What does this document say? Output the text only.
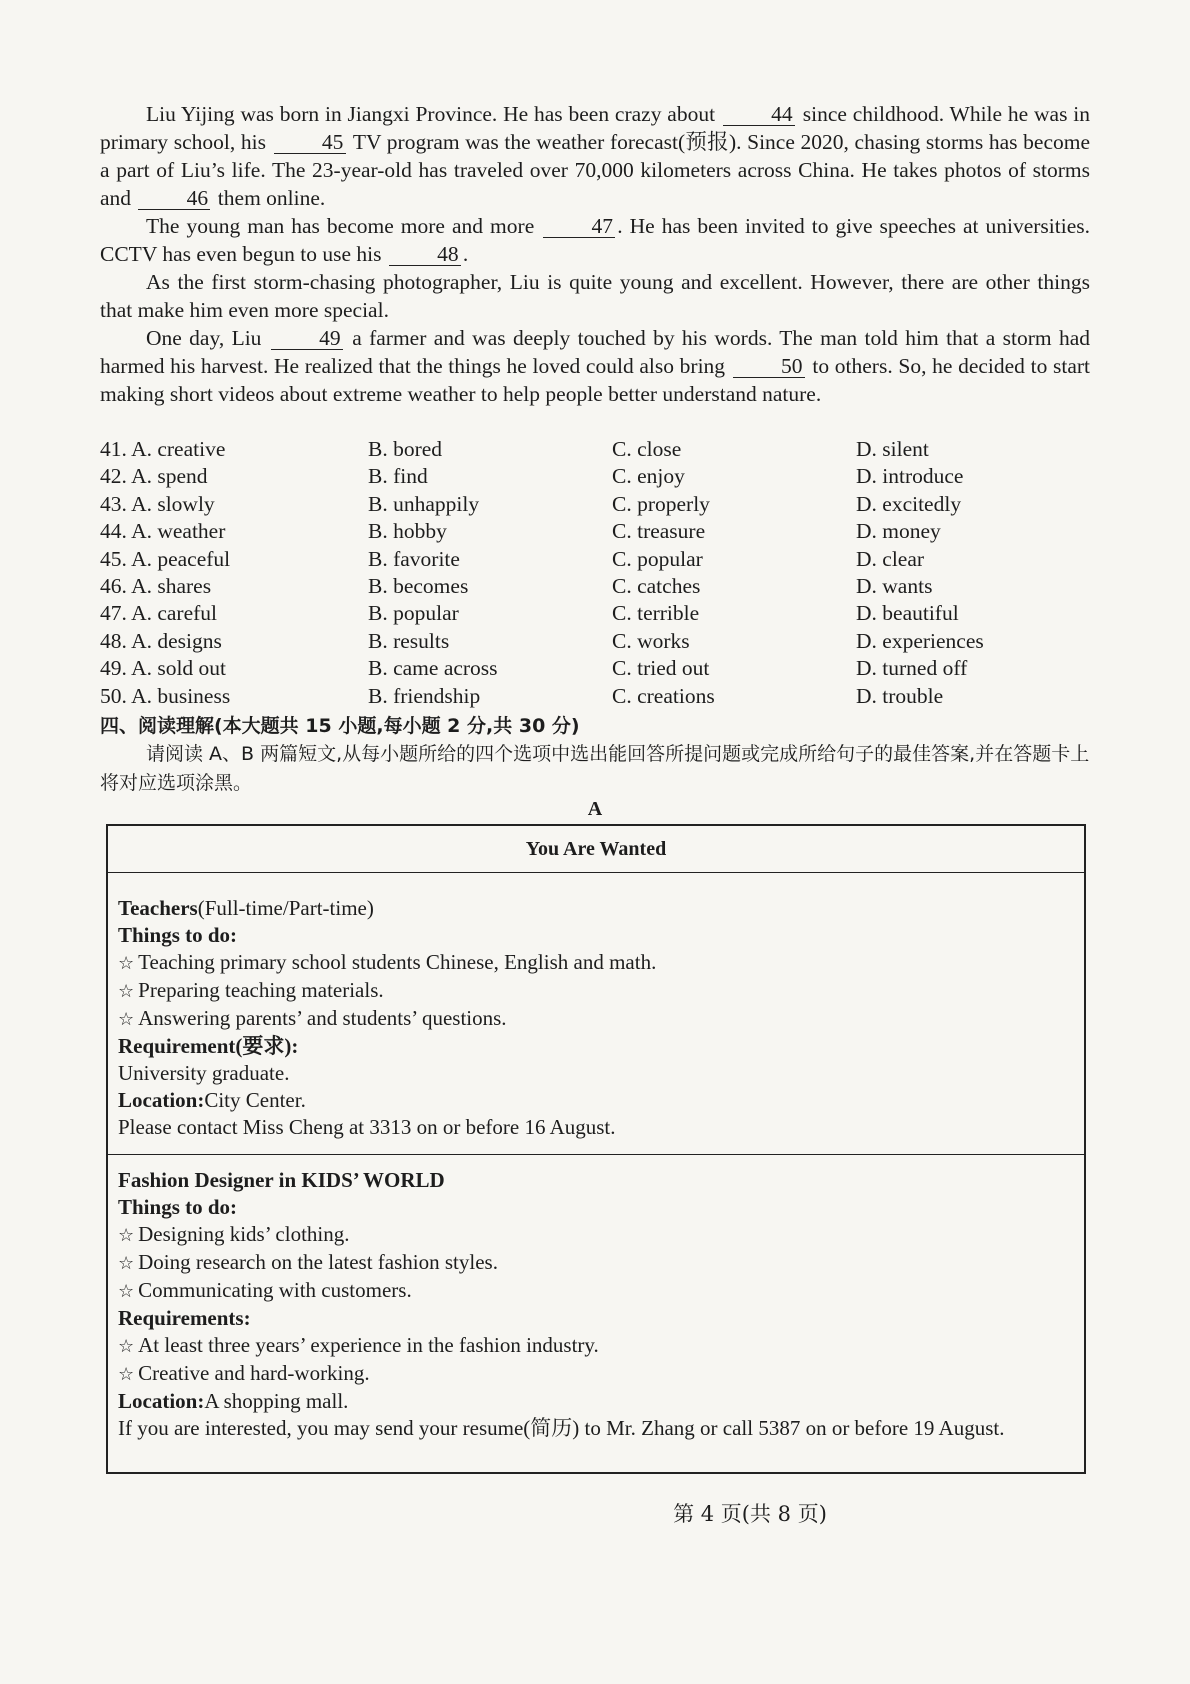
Liu Yijing was born in Jiangxi Province. He has been crazy about	44 since childhood. While he was in primary school, his	45 TV program was the weather forecast(预报). Since 2020, chasing storms has become a part of Liu’s life. The 23-year-old has traveled over 70,000 kilometers across China. He takes photos of storms and	46 them online.

The young man has become more and more	47 . He has been invited to give speeches at universities. CCTV has even begun to use his	48 .

As the first storm-chasing photographer, Liu is quite young and excellent. However, there are other things that make him even more special.

One day, Liu	49 a farmer and was deeply touched by his words. The man told him that a storm had harmed his harvest. He realized that the things he loved could also bring	50 to others. So, he decided to start making short videos about extreme weather to help people better understand nature.

41. A. creative	B. bored	C. close	D. silent
42. A. spend	B. find	C. enjoy	D. introduce
43. A. slowly	B. unhappily	C. properly	D. excitedly
44. A. weather	B. hobby	C. treasure	D. money
45. A. peaceful	B. favorite	C. popular	D. clear
46. A. shares	B. becomes	C. catches	D. wants
47. A. careful	B. popular	C. terrible	D. beautiful
48. A. designs	B. results	C. works	D. experiences
49. A. sold out	B. came across	C. tried out	D. turned off
50. A. business	B. friendship	C. creations	D. trouble
四、阅读理解(本大题共 15 小题,每小题 2 分,共 30 分)
请阅读 A、B 两篇短文,从每小题所给的四个选项中选出能回答所提问题或完成所给句子的最佳答案,并在答题卡上将对应选项涂黑。
A
You Are Wanted

Teachers(Full-time/Part-time)

Things to do:

☆ Teaching primary school students Chinese, English and math.

☆ Preparing teaching materials.

☆ Answering parents’ and students’ questions.

Requirement(要求):

University graduate.

Location:City Center.

Please contact Miss Cheng at 3313 on or before 16 August.

Fashion Designer in KIDS’ WORLD

Things to do:

☆ Designing kids’ clothing.

☆ Doing research on the latest fashion styles.

☆ Communicating with customers.

Requirements:

☆ At least three years’ experience in the fashion industry.

☆ Creative and hard-working.

Location:A shopping mall.

If you are interested, you may send your resume(简历) to Mr. Zhang or call 5387 on or before 19 August.

第 4 页(共 8 页)
